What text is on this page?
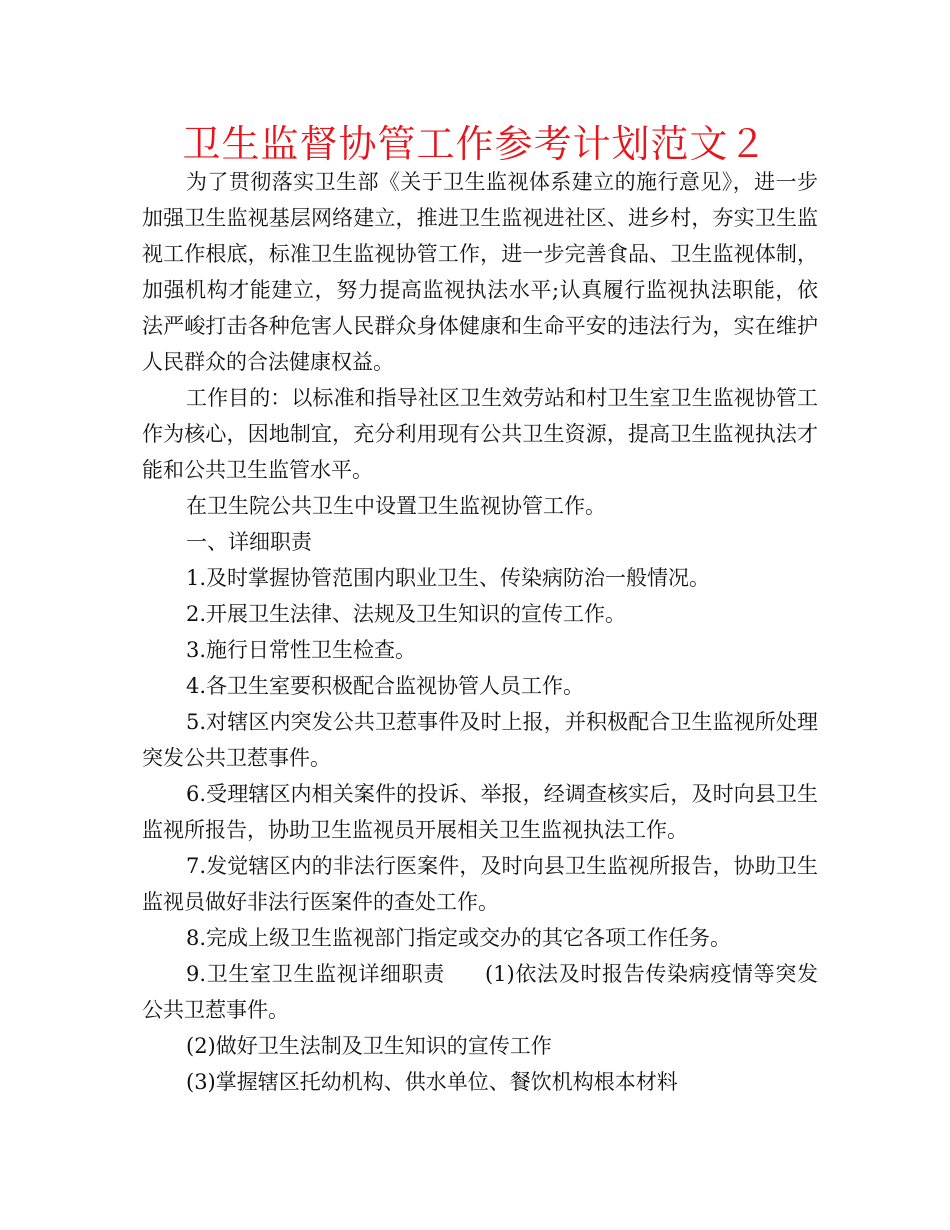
卫生监督协管工作参考计划范文２

为了贯彻落实卫生部《关于卫生监视体系建立的施行意见》，进一步加强卫生监视基层网络建立，推进卫生监视进社区、进乡村，夯实卫生监视工作根底，标准卫生监视协管工作，进一步完善食品、卫生监视体制，加强机构才能建立，努力提高监视执法水平;认真履行监视执法职能，依法严峻打击各种危害人民群众身体健康和生命平安的违法行为，实在维护人民群众的合法健康权益。

工作目的：以标准和指导社区卫生效劳站和村卫生室卫生监视协管工作为核心，因地制宜，充分利用现有公共卫生资源，提高卫生监视执法才能和公共卫生监管水平。

在卫生院公共卫生中设置卫生监视协管工作。

一、详细职责

1.及时掌握协管范围内职业卫生、传染病防治一般情况。

2.开展卫生法律、法规及卫生知识的宣传工作。

3.施行日常性卫生检查。

4.各卫生室要积极配合监视协管人员工作。

5.对辖区内突发公共卫惹事件及时上报，并积极配合卫生监视所处理突发公共卫惹事件。

6.受理辖区内相关案件的投诉、举报，经调查核实后，及时向县卫生监视所报告，协助卫生监视员开展相关卫生监视执法工作。

7.发觉辖区内的非法行医案件，及时向县卫生监视所报告，协助卫生监视员做好非法行医案件的查处工作。

8.完成上级卫生监视部门指定或交办的其它各项工作任务。

9.卫生室卫生监视详细职责 (1)依法及时报告传染病疫情等突发公共卫惹事件。

(2)做好卫生法制及卫生知识的宣传工作

(3)掌握辖区托幼机构、供水单位、餐饮机构根本材料
